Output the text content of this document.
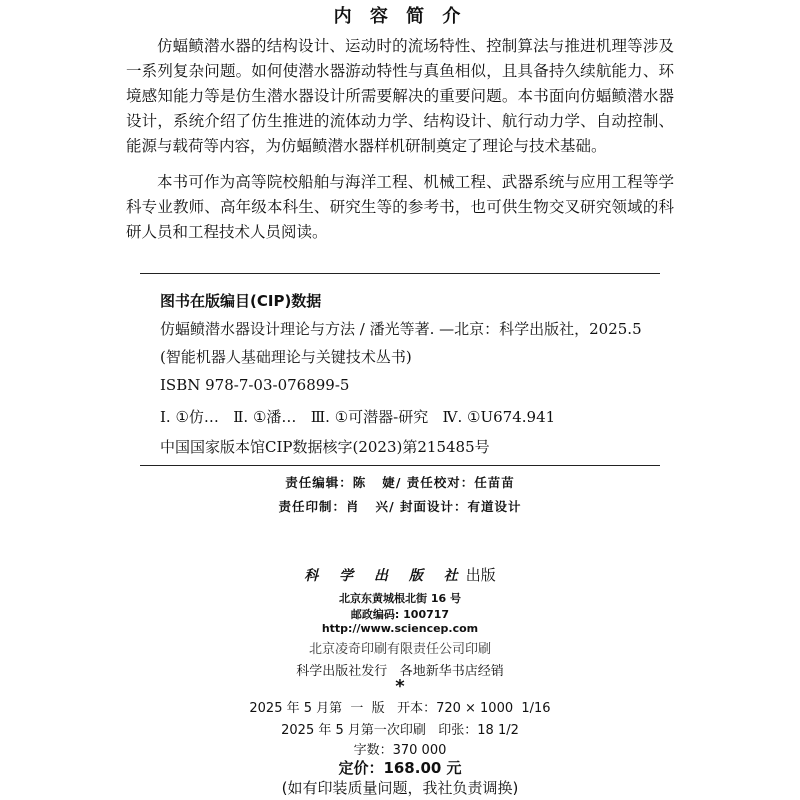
内 容 简 介

仿蝠鲼潜水器的结构设计、运动时的流场特性、控制算法与推进机理等涉及一系列复杂问题。如何使潜水器游动特性与真鱼相似，且具备持久续航能力、环境感知能力等是仿生潜水器设计所需要解决的重要问题。本书面向仿蝠鲼潜水器设计，系统介绍了仿生推进的流体动力学、结构设计、航行动力学、自动控制、能源与载荷等内容，为仿蝠鲼潜水器样机研制奠定了理论与技术基础。

本书可作为高等院校船舶与海洋工程、机械工程、武器系统与应用工程等学科专业教师、高年级本科生、研究生等的参考书，也可供生物交叉研究领域的科研人员和工程技术人员阅读。

图书在版编目(CIP)数据
仿蝠鲼潜水器设计理论与方法 / 潘光等著. —北京：科学出版社，2025.5
(智能机器人基础理论与关键技术丛书)
ISBN 978-7-03-076899-5
Ⅰ. ①仿…   Ⅱ. ①潘…   Ⅲ. ①可潜器-研究   Ⅳ. ①U674.941
中国国家版本馆CIP数据核字(2023)第215485号
责任编辑：陈   婕/ 责任校对：任苗苗
责任印制：肖   兴/ 封面设计：有道设计
科 学 出 版 社出版
北京东黄城根北街 16 号
邮政编码: 100717
http://www.sciencep.com
北京凌奇印刷有限责任公司印刷
科学出版社发行   各地新华书店经销
*
2025 年 5 月第  一  版   开本：720 × 1000  1/16
2025 年 5 月第一次印刷   印张：18 1/2
字数：370 000
定价：168.00 元
(如有印装质量问题，我社负责调换)
